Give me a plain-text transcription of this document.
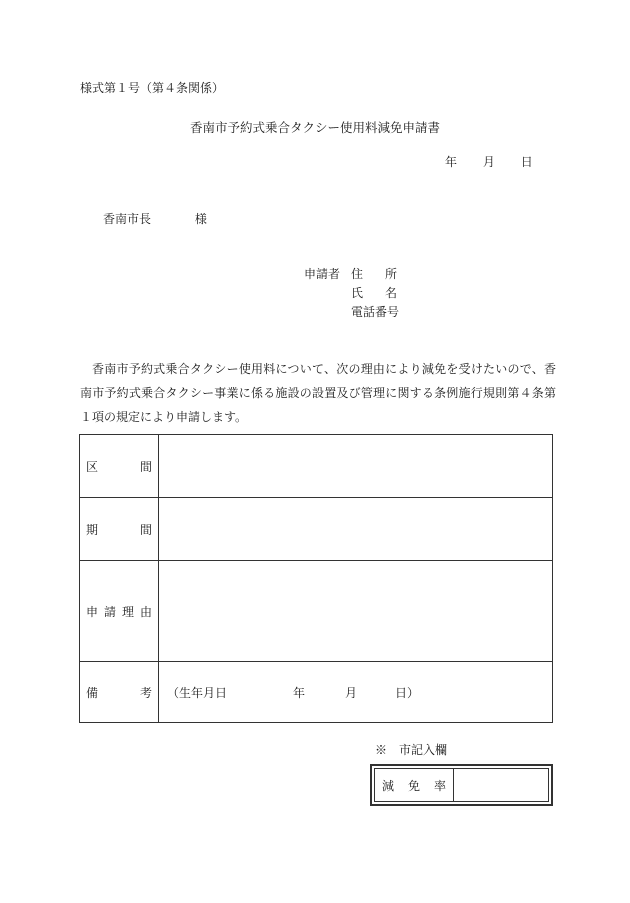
様式第１号（第４条関係）
香南市予約式乗合タクシー使用料減免申請書
年 月 日
香南市長	様
申請者 住所
氏名
電話番号
香南市予約式乗合タクシー使用料について、次の理由により減免を受けたいので、香南市予約式乗合タクシー事業に係る施設の設置及び管理に関する条例施行規則第４条第１項の規定により申請します。
区	間
期	間
申 請 理 由
備	考 （生年月日	年	月	日）
※　市記入欄
減 免 率
